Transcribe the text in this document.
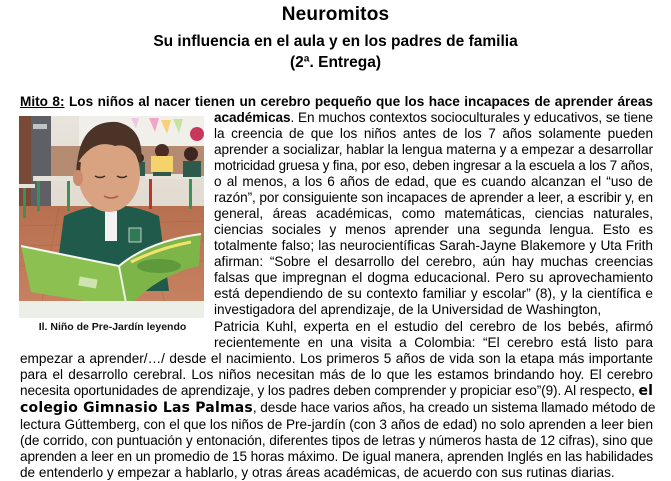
Neuromitos
Su influencia en el aula y en los padres de familia
(2ª. Entrega)
Mito 8: Los niños al nacer tienen un cerebro pequeño que los hace incapaces de aprender áreas
Il. Niño de Pre-Jardín leyendo
académicas. En muchos contextos socioculturales y educativos, se tiene
la creencia de que los niños antes de los 7 años solamente pueden
aprender a socializar, hablar la lengua materna y a empezar a desarrollar
motricidad gruesa y fina, por eso, deben ingresar a la escuela a los 7 años,
o al menos, a los 6 años de edad, que es cuando alcanzan el “uso de
razón”, por consiguiente son incapaces de aprender a leer, a escribir y, en
general, áreas académicas, como matemáticas, ciencias naturales,
ciencias sociales y menos aprender una segunda lengua. Esto es
totalmente falso; las neurocientíficas Sarah-Jayne Blakemore y Uta Frith
afirman: “Sobre el desarrollo del cerebro, aún hay muchas creencias
falsas que impregnan el dogma educacional. Pero su aprovechamiento
está dependiendo de su contexto familiar y escolar” (8), y la científica e
investigadora del aprendizaje, de la Universidad de Washington,
Patricia Kuhl, experta en el estudio del cerebro de los bebés, afirmó
recientemente en una visita a Colombia: “El cerebro está listo para
empezar a aprender/…/ desde el nacimiento. Los primeros 5 años de vida son la etapa más importante
para el desarrollo cerebral. Los niños necesitan más de lo que les estamos brindando hoy. El cerebro
necesita oportunidades de aprendizaje, y los padres deben comprender y propiciar eso”(9). Al respecto, el
colegio Gimnasio Las Palmas, desde hace varios años, ha creado un sistema llamado método de
lectura Gúttemberg, con el que los niños de Pre-jardín (con 3 años de edad) no solo aprenden a leer bien
(de corrido, con puntuación y entonación, diferentes tipos de letras y números hasta de 12 cifras), sino que
aprenden a leer en un promedio de 15 horas máximo. De igual manera, aprenden Inglés en las habilidades
de entenderlo y empezar a hablarlo, y otras áreas académicas, de acuerdo con sus rutinas diarias.
